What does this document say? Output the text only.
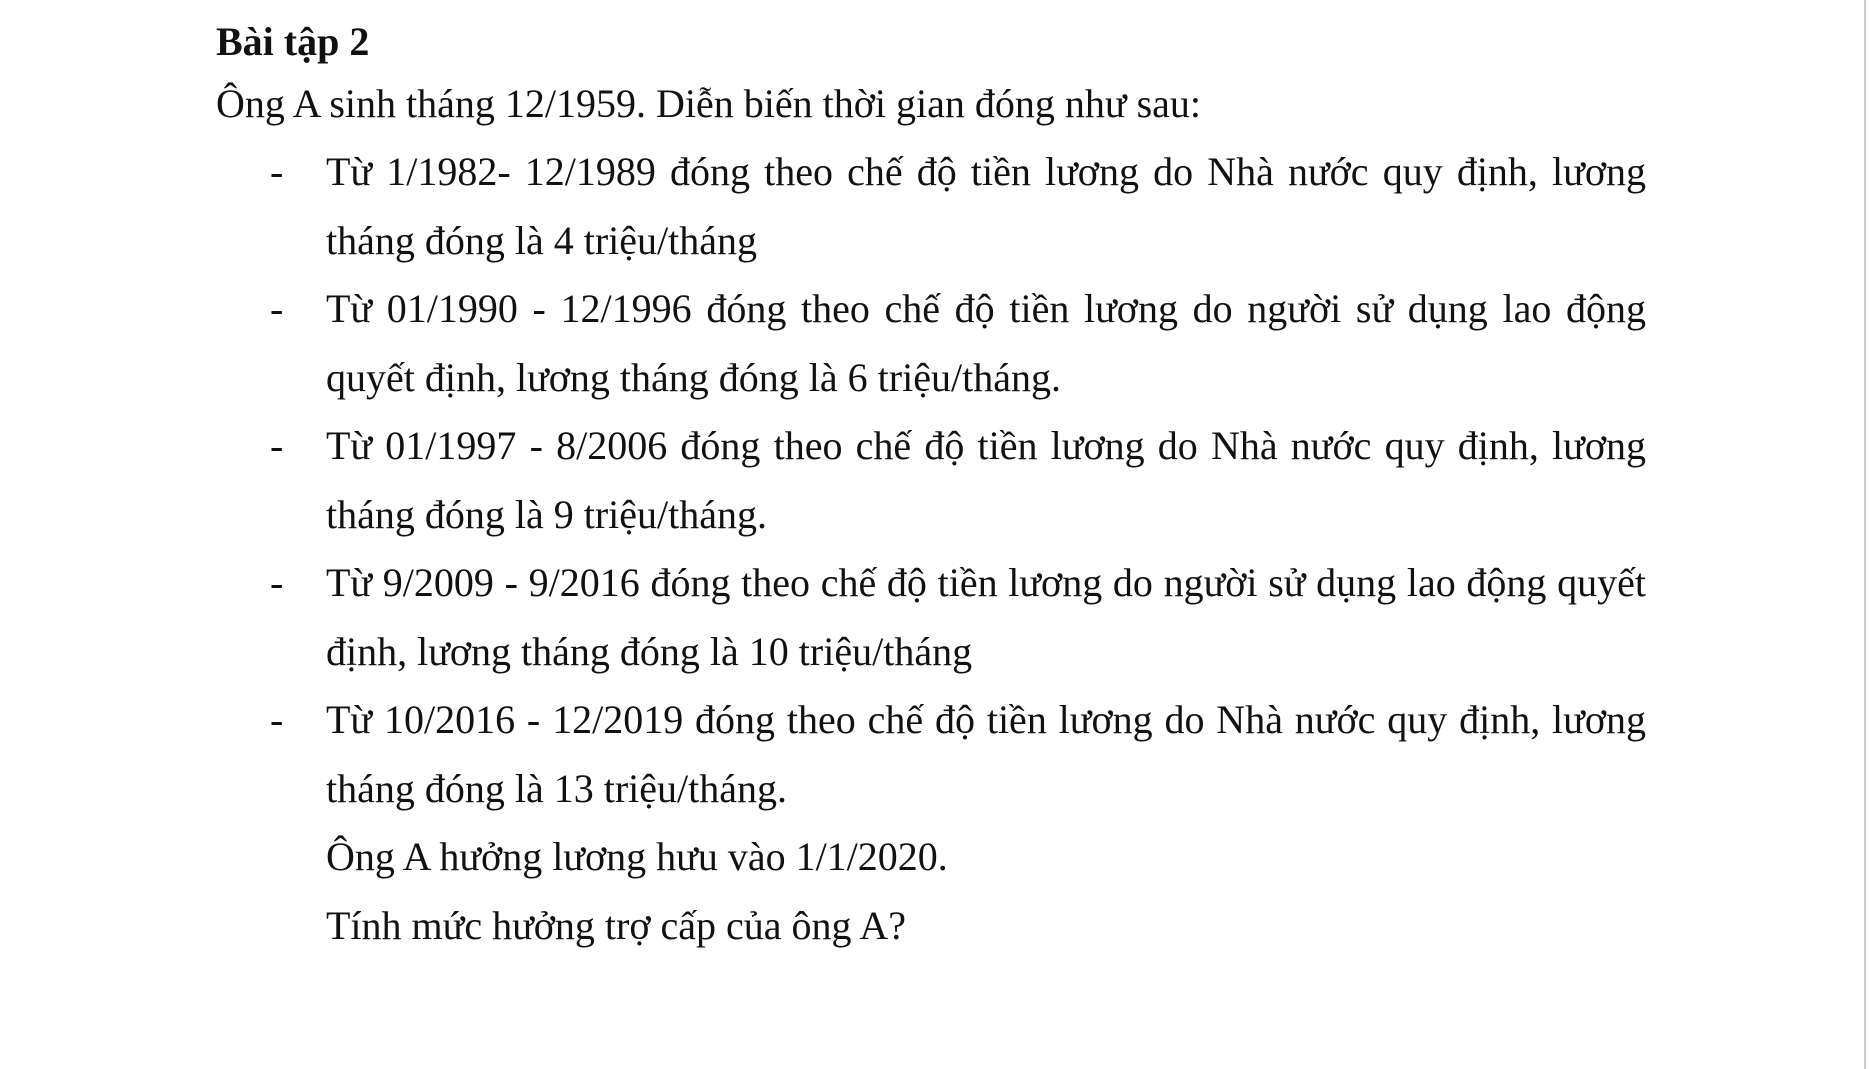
Bài tập 2

Ông A sinh tháng 12/1959. Diễn biến thời gian đóng như sau:

- Từ 1/1982- 12/1989 đóng theo chế độ tiền lương do Nhà nước quy định, lương tháng đóng là 4 triệu/tháng
- Từ 01/1990 - 12/1996 đóng theo chế độ tiền lương do người sử dụng lao động quyết định, lương tháng đóng là 6 triệu/tháng.
- Từ 01/1997 - 8/2006 đóng theo chế độ tiền lương do Nhà nước quy định, lương tháng đóng là 9 triệu/tháng.
- Từ 9/2009 - 9/2016 đóng theo chế độ tiền lương do người sử dụng lao động quyết định, lương tháng đóng là 10 triệu/tháng
- Từ 10/2016 - 12/2019 đóng theo chế độ tiền lương do Nhà nước quy định, lương tháng đóng là 13 triệu/tháng.

Ông A hưởng lương hưu vào 1/1/2020.

Tính mức hưởng trợ cấp của ông A?
